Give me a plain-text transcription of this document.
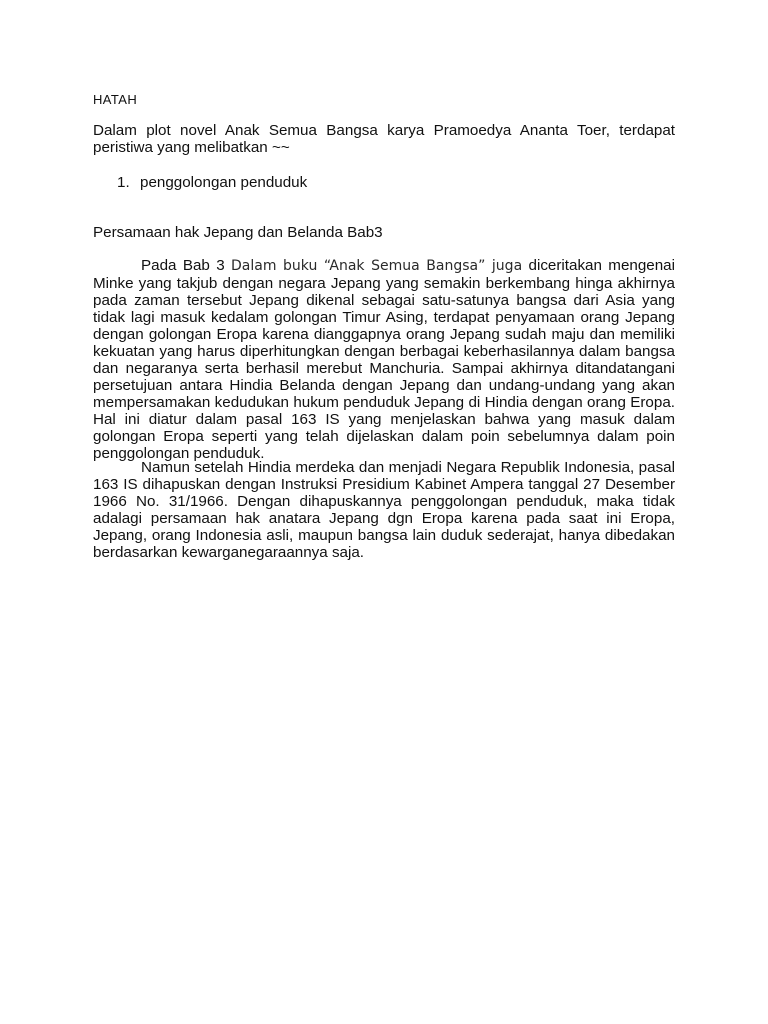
HATAH

Dalam plot novel Anak Semua Bangsa karya Pramoedya Ananta Toer, terdapat peristiwa yang melibatkan ~~

1. penggolongan penduduk

Persamaan hak Jepang dan Belanda Bab3

Pada Bab 3 Dalam buku “Anak Semua Bangsa” juga diceritakan mengenai Minke yang takjub dengan negara Jepang yang semakin berkembang hinga akhirnya pada zaman tersebut Jepang dikenal sebagai satu-satunya bangsa dari Asia yang tidak lagi masuk kedalam golongan Timur Asing, terdapat penyamaan orang Jepang dengan golongan Eropa karena dianggapnya orang Jepang sudah maju dan memiliki kekuatan yang harus diperhitungkan dengan berbagai keberhasilannya dalam bangsa dan negaranya serta berhasil merebut Manchuria. Sampai akhirnya ditandatangani persetujuan antara Hindia Belanda dengan Jepang dan undang-undang yang akan mempersamakan kedudukan hukum penduduk Jepang di Hindia dengan orang Eropa. Hal ini diatur dalam pasal 163 IS yang menjelaskan bahwa yang masuk dalam golongan Eropa seperti yang telah dijelaskan dalam poin sebelumnya dalam poin penggolongan penduduk.

Namun setelah Hindia merdeka dan menjadi Negara Republik Indonesia, pasal 163 IS dihapuskan dengan Instruksi Presidium Kabinet Ampera tanggal 27 Desember 1966 No. 31/1966. Dengan dihapuskannya penggolongan penduduk, maka tidak adalagi persamaan hak anatara Jepang dgn Eropa karena pada saat ini Eropa, Jepang, orang Indonesia asli, maupun bangsa lain duduk sederajat, hanya dibedakan berdasarkan kewarganegaraannya saja.
